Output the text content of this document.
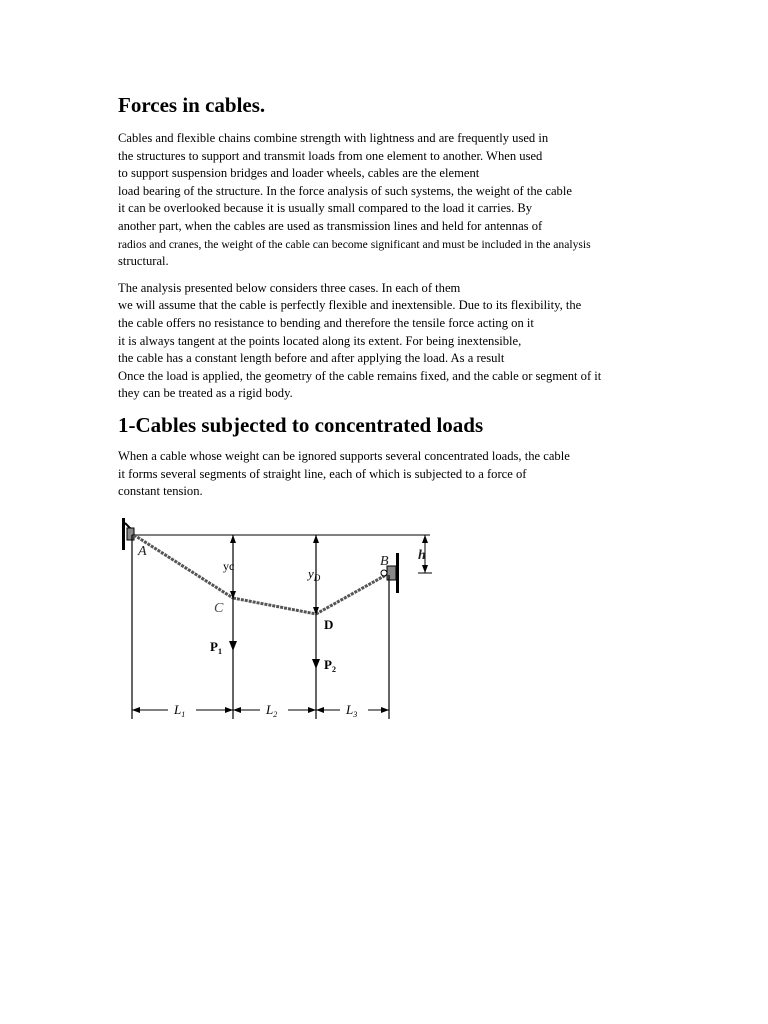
Forces in cables.

Cables and flexible chains combine strength with lightness and are frequently used in
the structures to support and transmit loads from one element to another. When used
to support suspension bridges and loader wheels, cables are the element
load bearing of the structure. In the force analysis of such systems, the weight of the cable
it can be overlooked because it is usually small compared to the load it carries. By
another part, when the cables are used as transmission lines and held for antennas of
radios and cranes, the weight of the cable can become significant and must be included in the analysis
structural.

The analysis presented below considers three cases. In each of them
we will assume that the cable is perfectly flexible and inextensible. Due to its flexibility, the
the cable offers no resistance to bending and therefore the tensile force acting on it
it is always tangent at the points located along its extent. For being inextensible,
the cable has a constant length before and after applying the load. As a result
Once the load is applied, the geometry of the cable remains fixed, and the cable or segment of it
they can be treated as a rigid body.

1-Cables subjected to concentrated loads

When a cable whose weight can be ignored supports several concentrated loads, the cable
it forms several segments of straight line, each of which is subjected to a force of
constant tension.

A
B
C
D
h
yc	$y_D$
$P_1$
$P_2$
$L_1$	$L_2$	$L_3$
